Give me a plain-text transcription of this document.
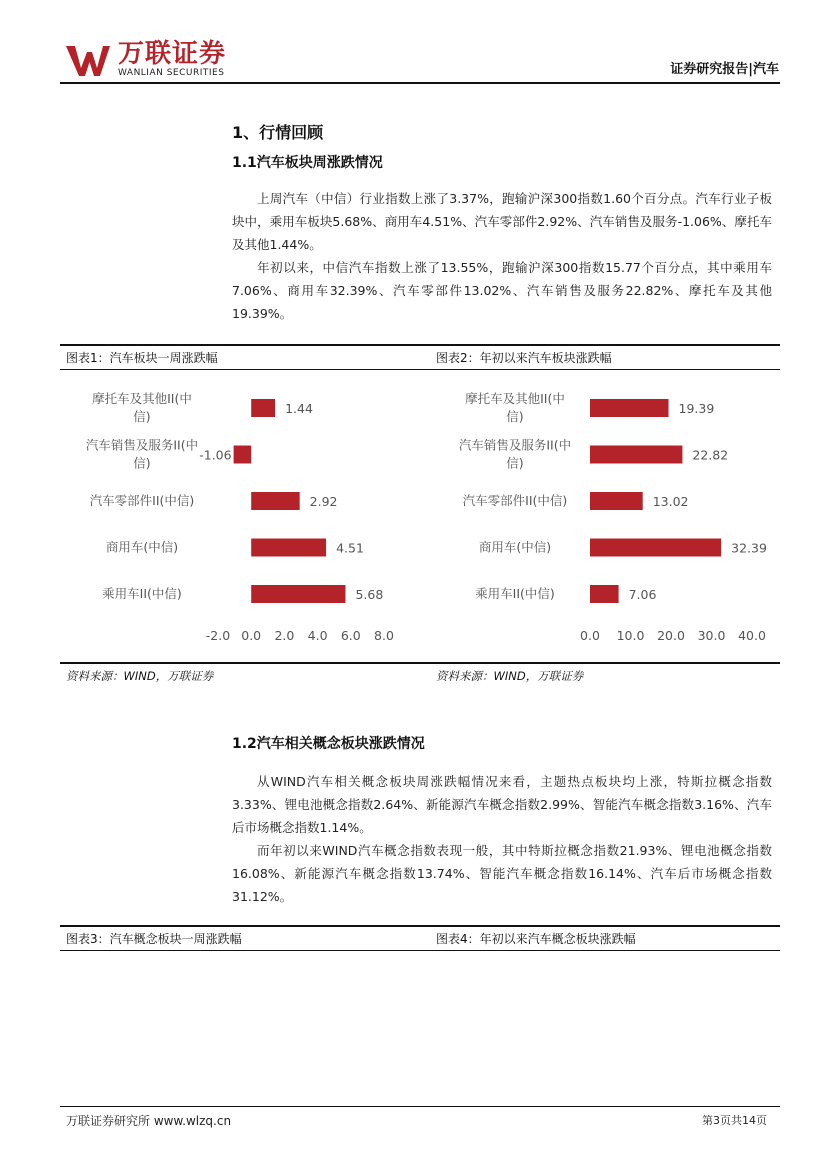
万联证券
WANLIAN SECURITIES	证券研究报告|汽车
1、行情回顾
1.1汽车板块周涨跌情况
上周汽车（中信）行业指数上涨了3.37%，跑输沪深300指数1.60个百分点。汽车行业子板块中，乘用车板块5.68%、商用车4.51%、汽车零部件2.92%、汽车销售及服务-1.06%、摩托车及其他1.44%。
年初以来，中信汽车指数上涨了13.55%，跑输沪深300指数15.77个百分点，其中乘用车7.06%、商用车32.39%、汽车零部件13.02%、汽车销售及服务22.82%、摩托车及其他19.39%。
图表1：汽车板块一周涨跌幅	图表2：年初以来汽车板块涨跌幅
摩托车及其他II(中信)
1.44
汽车销售及服务II(中信)
-1.06
汽车零部件II(中信)	2.92
商用车(中信)	4.51
乘用车II(中信)	5.68
-2.0 0.0 2.0 4.0 6.0 8.0
摩托车及其他II(中信)
19.39
汽车销售及服务II(中信)
22.82
汽车零部件II(中信)	13.02
商用车(中信)	32.39
乘用车II(中信)	7.06
0.0 10.0 20.0 30.0 40.0
资料来源：WIND，万联证券	资料来源：WIND，万联证券
1.2汽车相关概念板块涨跌情况
从WIND汽车相关概念板块周涨跌幅情况来看，主题热点板块均上涨，特斯拉概念指数3.33%、锂电池概念指数2.64%、新能源汽车概念指数2.99%、智能汽车概念指数3.16%、汽车后市场概念指数1.14%。
而年初以来WIND汽车概念指数表现一般，其中特斯拉概念指数21.93%、锂电池概念指数16.08%、新能源汽车概念指数13.74%、智能汽车概念指数16.14%、汽车后市场概念指数31.12%。
图表3：汽车概念板块一周涨跌幅	图表4：年初以来汽车概念板块涨跌幅
万联证券研究所 www.wlzq.cn	第3页共14页
